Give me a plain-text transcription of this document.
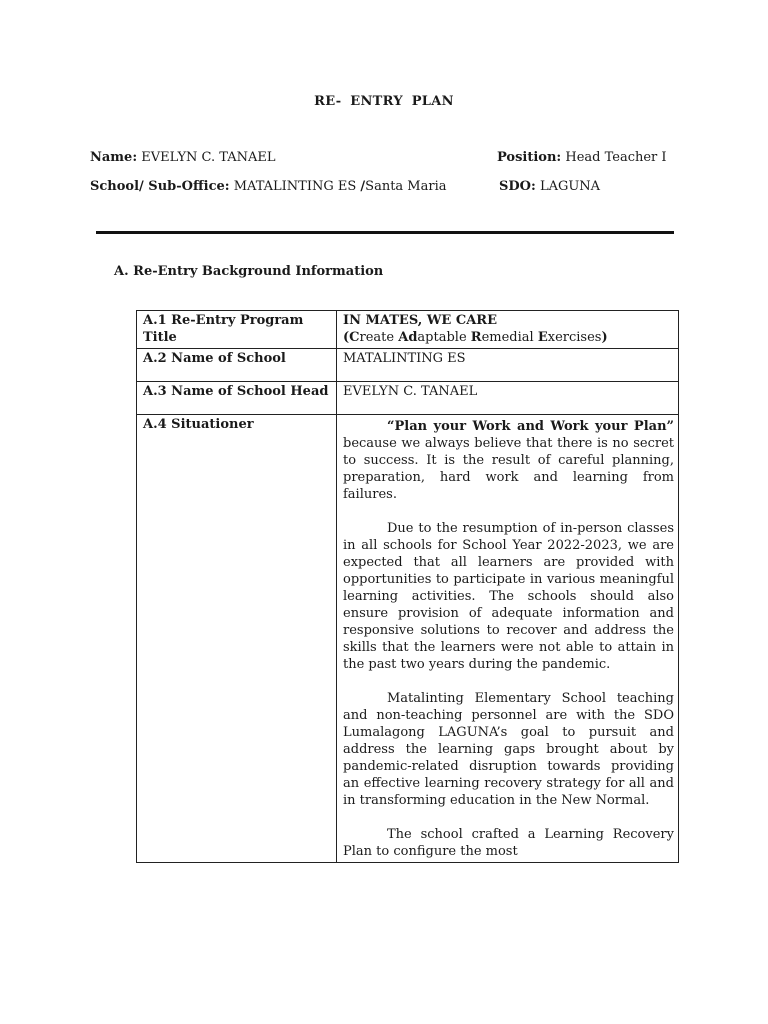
RE- ENTRY PLAN
Name: EVELYN C. TANAEL	Position: Head Teacher I
School/ Sub-Office: MATALINTING ES /Santa Maria	SDO: LAGUNA
A. Re-Entry Background Information
A.1 Re-Entry Program Title	IN MATES, WE CARE
(Create Adaptable Remedial Exercises)

A.2 Name of School	MATALINTING ES
A.3 Name of School Head	EVELYN C. TANAEL
A.4 Situationer	“Plan your Work and Work your Plan” because we always believe that there is no secret to success. It is the result of careful planning, preparation, hard work and learning from failures.

Due to the resumption of in-person classes in all schools for School Year 2022-2023, we are expected that all learners are provided with opportunities to participate in various meaningful learning activities. The schools should also ensure provision of adequate information and responsive solutions to recover and address the skills that the learners were not able to attain in the past two years during the pandemic.

Matalinting Elementary School teaching and non-teaching personnel are with the SDO Lumalagong LAGUNA’s goal to pursuit and address the learning gaps brought about by pandemic-related disruption towards providing an effective learning recovery strategy for all and in transforming education in the New Normal.

The school crafted a Learning Recovery Plan to configure the most
